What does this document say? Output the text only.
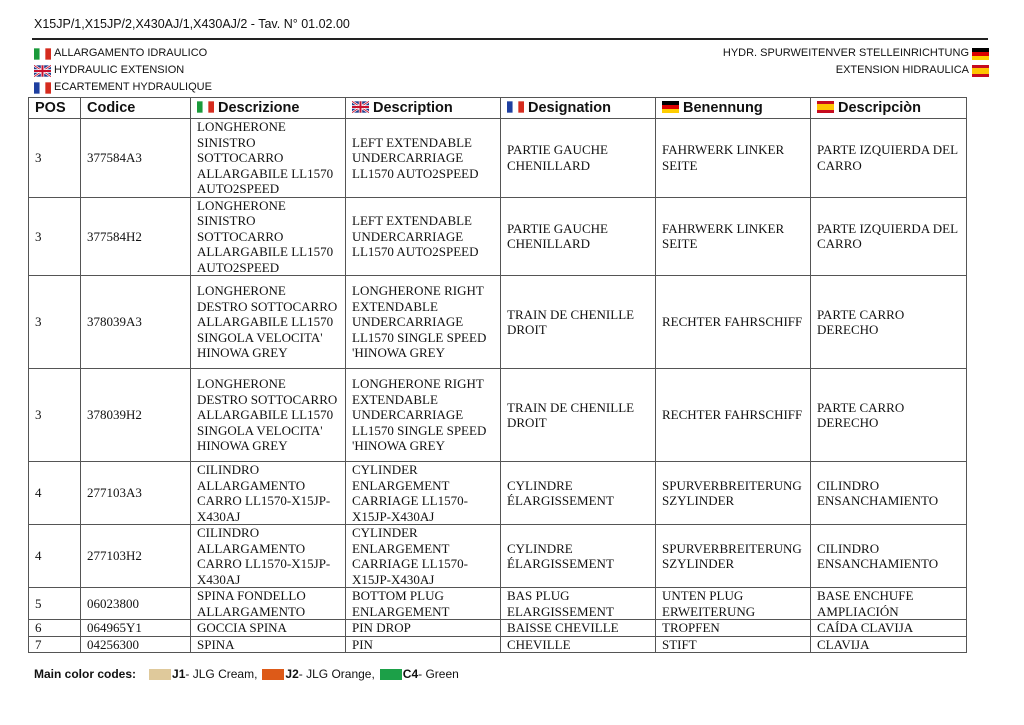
X15JP/1,X15JP/2,X430AJ/1,X430AJ/2 - Tav. N° 01.02.00
ALLARGAMENTO IDRAULICO
HYDRAULIC EXTENSION
ECARTEMENT HYDRAULIQUE
HYDR. SPURWEITENVER STELLEINRICHTUNG
EXTENSION HIDRAULICA
POS	Codice	Descrizione	Description	Designation	Benennung	Descripciòn
3	377584A3	LONGHERONE SINISTRO SOTTOCARRO ALLARGABILE LL1570 AUTO2SPEED	LEFT EXTENDABLE UNDERCARRIAGE LL1570 AUTO2SPEED	PARTIE GAUCHE CHENILLARD	FAHRWERK LINKER SEITE	PARTE IZQUIERDA DEL CARRO
3	377584H2	LONGHERONE SINISTRO SOTTOCARRO ALLARGABILE LL1570 AUTO2SPEED	LEFT EXTENDABLE UNDERCARRIAGE LL1570 AUTO2SPEED	PARTIE GAUCHE CHENILLARD	FAHRWERK LINKER SEITE	PARTE IZQUIERDA DEL CARRO
3	378039A3	LONGHERONE DESTRO SOTTOCARRO ALLARGABILE LL1570 SINGOLA VELOCITA' HINOWA GREY	LONGHERONE RIGHT EXTENDABLE UNDERCARRIAGE LL1570 SINGLE SPEED 'HINOWA GREY	TRAIN DE CHENILLE DROIT	RECHTER FAHRSCHIFF	PARTE CARRO DERECHO
3	378039H2	LONGHERONE DESTRO SOTTOCARRO ALLARGABILE LL1570 SINGOLA VELOCITA' HINOWA GREY	LONGHERONE RIGHT EXTENDABLE UNDERCARRIAGE LL1570 SINGLE SPEED 'HINOWA GREY	TRAIN DE CHENILLE DROIT	RECHTER FAHRSCHIFF	PARTE CARRO DERECHO
4	277103A3	CILINDRO ALLARGAMENTO CARRO LL1570-X15JP-X430AJ	CYLINDER ENLARGEMENT CARRIAGE LL1570-X15JP-X430AJ	CYLINDRE ÉLARGISSEMENT	SPURVERBREITERUNGSZYLINDER	CILINDRO ENSANCHAMIENTO
4	277103H2	CILINDRO ALLARGAMENTO CARRO LL1570-X15JP-X430AJ	CYLINDER ENLARGEMENT CARRIAGE LL1570-X15JP-X430AJ	CYLINDRE ÉLARGISSEMENT	SPURVERBREITERUNGSZYLINDER	CILINDRO ENSANCHAMIENTO
5	06023800	SPINA FONDELLO ALLARGAMENTO	BOTTOM PLUG ENLARGEMENT	BAS PLUG ELARGISSEMENT	UNTEN PLUG ERWEITERUNG	BASE ENCHUFE AMPLIACIÓN
6	064965Y1	GOCCIA SPINA	PIN DROP	BAISSE CHEVILLE	TROPFEN	CAÍDA CLAVIJA
7	04256300	SPINA	PIN	CHEVILLE	STIFT	CLAVIJA
Main color codes:	J1 - JLG Cream, J2 - JLG Orange, C4 - Green
